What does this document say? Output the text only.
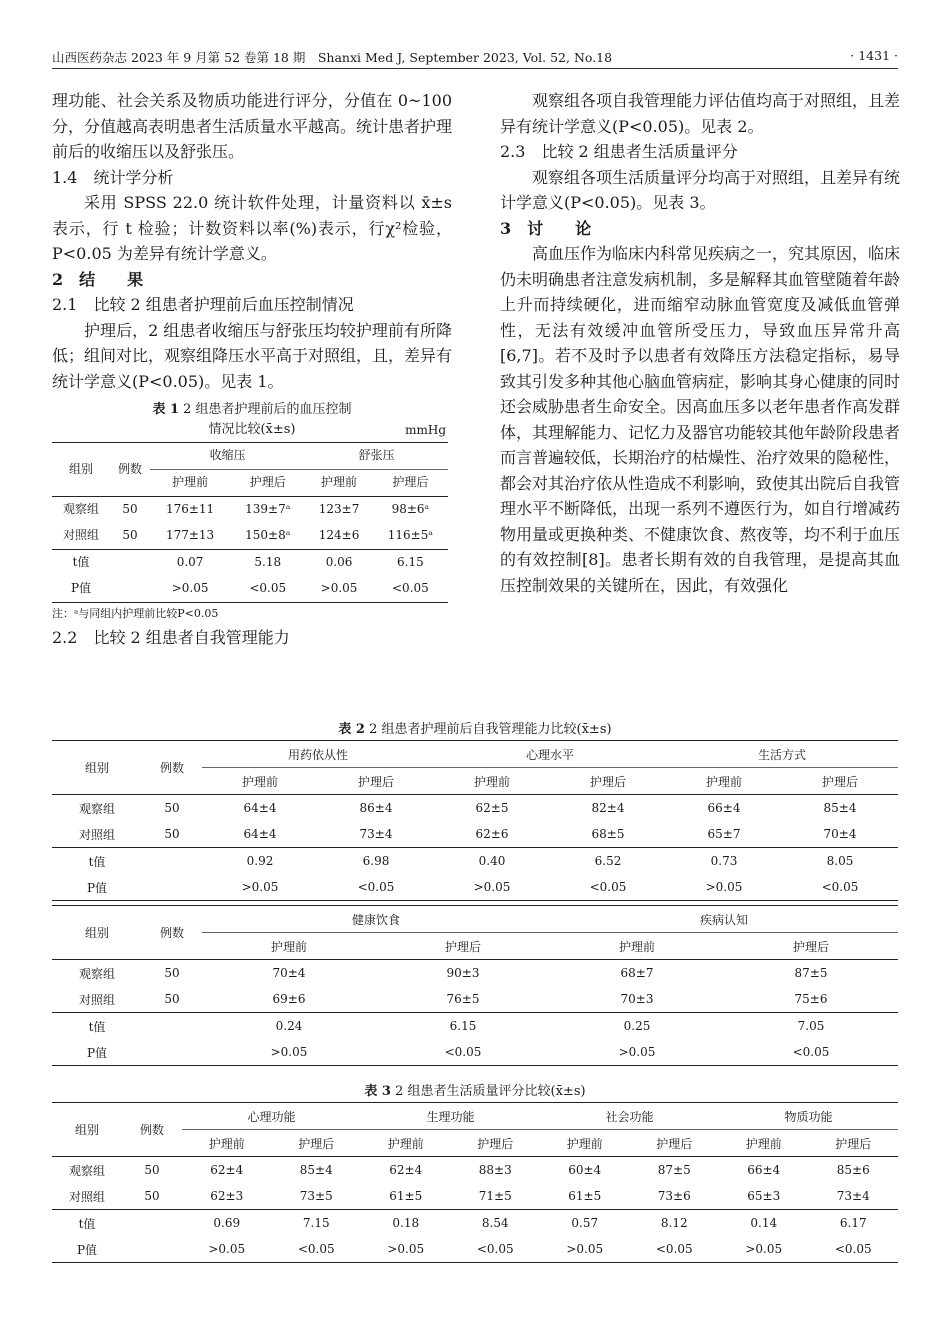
山西医药杂志 2023 年 9 月第 52 卷第 18 期　Shanxi Med J, September 2023, Vol. 52, No.18	· 1431 ·

理功能、社会关系及物质功能进行评分，分值在 0~100 分，分值越高表明患者生活质量水平越高。统计患者护理前后的收缩压以及舒张压。

1.4　统计学分析

采用 SPSS 22.0 统计软件处理，计量资料以 x̄±s 表示，行 t 检验；计数资料以率(%)表示，行χ²检验，P<0.05 为差异有统计学意义。

2　结　　果

2.1　比较 2 组患者护理前后血压控制情况

护理后，2 组患者收缩压与舒张压均较护理前有所降低；组间对比，观察组降压水平高于对照组，且，差异有统计学意义(P<0.05)。见表 1。

表 1 2 组患者护理前后的血压控制
情况比较(x̄±s)	mmHg
组别	例数	收缩压		舒张压	
		护理前	护理后	护理前	护理后
观察组	50	176±11	139±7ᵃ	123±7	98±6ᵃ
对照组	50	177±13	150±8ᵃ	124±6	116±5ᵃ
t值		0.07	5.18	0.06	6.15
P值		>0.05	<0.05	>0.05	<0.05

注：ᵃ与同组内护理前比较P<0.05

2.2　比较 2 组患者自我管理能力

观察组各项自我管理能力评估值均高于对照组，且差异有统计学意义(P<0.05)。见表 2。

2.3　比较 2 组患者生活质量评分

观察组各项生活质量评分均高于对照组，且差异有统计学意义(P<0.05)。见表 3。

3　讨　　论

高血压作为临床内科常见疾病之一，究其原因，临床仍未明确患者注意发病机制，多是解释其血管壁随着年龄上升而持续硬化，进而缩窄动脉血管宽度及减低血管弹性，无法有效缓冲血管所受压力，导致血压异常升高[6,7]。若不及时予以患者有效降压方法稳定指标，易导致其引发多种其他心脑血管病症，影响其身心健康的同时还会威胁患者生命安全。因高血压多以老年患者作高发群体，其理解能力、记忆力及器官功能较其他年龄阶段患者而言普遍较低，长期治疗的枯燥性、治疗效果的隐秘性，都会对其治疗依从性造成不利影响，致使其出院后自我管理水平不断降低，出现一系列不遵医行为，如自行增减药物用量或更换种类、不健康饮食、熬夜等，均不利于血压的有效控制[8]。患者长期有效的自我管理，是提高其血压控制效果的关键所在，因此，有效强化

表 2 2 组患者护理前后自我管理能力比较(x̄±s)
组别	例数	用药依从性		心理水平		生活方式	
		护理前	护理后	护理前	护理后	护理前	护理后
观察组	50	64±4	86±4	62±5	82±4	66±4	85±4
对照组	50	64±4	73±4	62±6	68±5	65±7	70±4
t值		0.92	6.98	0.40	6.52	0.73	8.05
P值		>0.05	<0.05	>0.05	<0.05	>0.05	<0.05
组别	例数	健康饮食		疾病认知	
		护理前	护理后	护理前	护理后
观察组	50	70±4	90±3	68±7	87±5
对照组	50	69±6	76±5	70±3	75±6
t值		0.24	6.15	0.25	7.05
P值		>0.05	<0.05	>0.05	<0.05
表 3 2 组患者生活质量评分比较(x̄±s)
组别	例数	心理功能		生理功能		社会功能		物质功能	
		护理前	护理后	护理前	护理后	护理前	护理后	护理前	护理后
观察组	50	62±4	85±4	62±4	88±3	60±4	87±5	66±4	85±6
对照组	50	62±3	73±5	61±5	71±5	61±5	73±6	65±3	73±4
t值		0.69	7.15	0.18	8.54	0.57	8.12	0.14	6.17
P值		>0.05	<0.05	>0.05	<0.05	>0.05	<0.05	>0.05	<0.05
